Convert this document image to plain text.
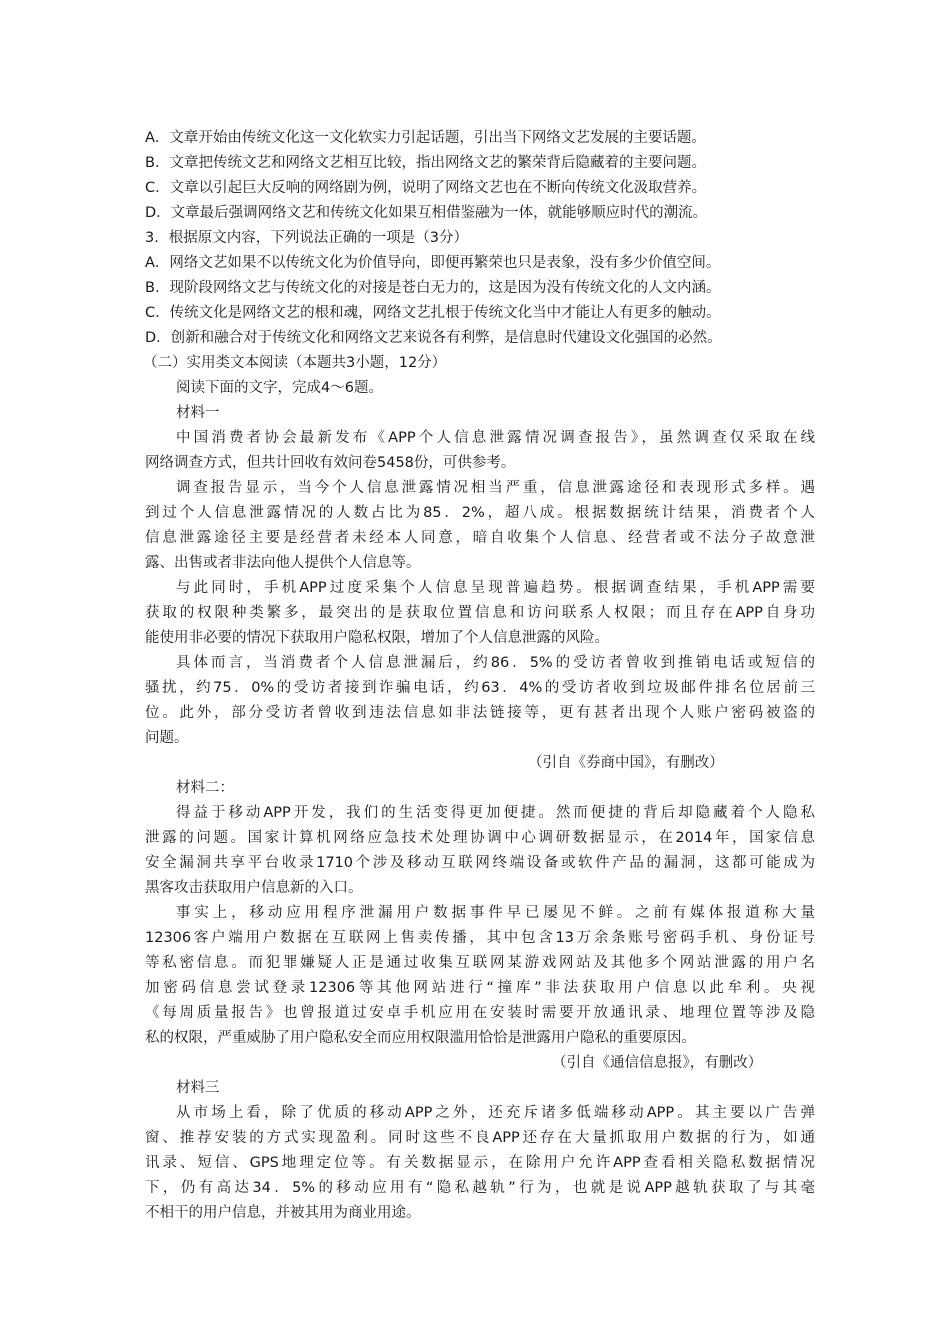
A．文章开始由传统文化这一文化软实力引起话题，引出当下网络文艺发展的主要话题。
B．文章把传统文艺和网络文艺相互比较，指出网络文艺的繁荣背后隐藏着的主要问题。
C．文章以引起巨大反响的网络剧为例，说明了网络文艺也在不断向传统文化汲取营养。
D．文章最后强调网络文艺和传统文化如果互相借鉴融为一体，就能够顺应时代的潮流。
3．根据原文内容，下列说法正确的一项是（3分）
A．网络文艺如果不以传统文化为价值导向，即便再繁荣也只是表象，没有多少价值空间。
B．现阶段网络文艺与传统文化的对接是苍白无力的，这是因为没有传统文化的人文内涵。
C．传统文化是网络文艺的根和魂，网络文艺扎根于传统文化当中才能让人有更多的触动。
D．创新和融合对于传统文化和网络文艺来说各有利弊，是信息时代建设文化强国的必然。
（二）实用类文本阅读（本题共3小题，12分）
阅读下面的文字，完成4～6题。
材料一
中国消费者协会最新发布《APP个人信息泄露情况调查报告》，虽然调查仅采取在线
网络调查方式，但共计回收有效问卷5458份，可供参考。
调查报告显示，当今个人信息泄露情况相当严重，信息泄露途径和表现形式多样。遇
到过个人信息泄露情况的人数占比为85．2%，超八成。根据数据统计结果，消费者个人
信息泄露途径主要是经营者未经本人同意，暗自收集个人信息、经营者或不法分子故意泄
露、出售或者非法向他人提供个人信息等。
与此同时，手机APP过度采集个人信息呈现普遍趋势。根据调查结果，手机APP需要
获取的权限种类繁多，最突出的是获取位置信息和访问联系人权限；而且存在APP自身功
能使用非必要的情况下获取用户隐私权限，增加了个人信息泄露的风险。
具体而言，当消费者个人信息泄漏后，约86．5%的受访者曾收到推销电话或短信的
骚扰，约75．0%的受访者接到诈骗电话，约63．4%的受访者收到垃圾邮件排名位居前三
位。此外，部分受访者曾收到违法信息如非法链接等，更有甚者出现个人账户密码被盗的
问题。
（引自《券商中国》，有删改）
材料二：
得益于移动APP开发，我们的生活变得更加便捷。然而便捷的背后却隐藏着个人隐私
泄露的问题。国家计算机网络应急技术处理协调中心调研数据显示，在2014年，国家信息
安全漏洞共享平台收录1710个涉及移动互联网终端设备或软件产品的漏洞，这都可能成为
黑客攻击获取用户信息新的入口。
事实上，移动应用程序泄漏用户数据事件早已屡见不鲜。之前有媒体报道称大量
12306客户端用户数据在互联网上售卖传播，其中包含13万余条账号密码手机、身份证号
等私密信息。而犯罪嫌疑人正是通过收集互联网某游戏网站及其他多个网站泄露的用户名
加密码信息尝试登录12306等其他网站进行“撞库”非法获取用户信息以此牟利。央视
《每周质量报告》也曾报道过安卓手机应用在安装时需要开放通讯录、地理位置等涉及隐
私的权限，严重威胁了用户隐私安全而应用权限滥用恰恰是泄露用户隐私的重要原因。
（引自《通信信息报》，有删改）
材料三
从市场上看，除了优质的移动APP之外，还充斥诸多低端移动APP。其主要以广告弹
窗、推荐安装的方式实现盈利。同时这些不良APP还存在大量抓取用户数据的行为，如通
讯录、短信、GPS地理定位等。有关数据显示，在除用户允许APP查看相关隐私数据情况
下，仍有高达34．5%的移动应用有“隐私越轨”行为，也就是说APP越轨获取了与其毫
不相干的用户信息，并被其用为商业用途。
